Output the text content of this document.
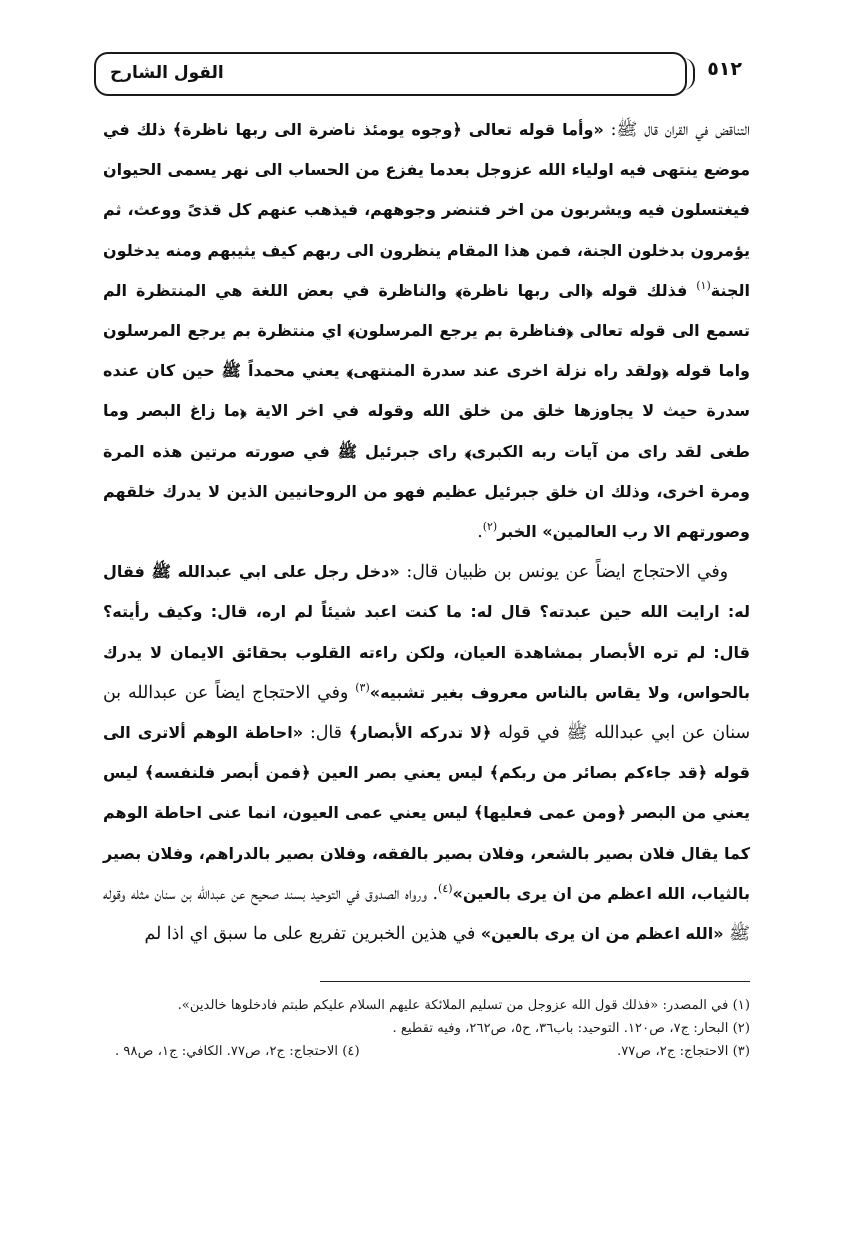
القول الشارح	٥١٢

التناقض في القران قال ﷺ: «وأما قوله تعالى ﴿وجوه يومئذ ناضرة الى ربها ناظرة﴾ ذلك في موضع ينتهى فيه اولياء الله عزوجل بعدما يفزع من الحساب الى نهر يسمى الحيوان فيغتسلون فيه ويشربون من اخر فتنضر وجوههم، فيذهب عنهم كل قذىً ووعث، ثم يؤمرون بدخلون الجنة، فمن هذا المقام ينظرون الى ربهم كيف يثيبهم ومنه يدخلون الجنة$^{(١)}$ فذلك قوله ﴿الى ربها ناظرة﴾ والناظرة في بعض اللغة هي المنتظرة الم تسمع الى قوله تعالى ﴿فناظرة بم يرجع المرسلون﴾ اي منتظرة بم يرجع المرسلون واما قوله ﴿ولقد راه نزلة اخرى عند سدرة المنتهى﴾ يعني محمداً ﷺ حين كان عنده سدرة حيث لا يجاوزها خلق من خلق الله وقوله في اخر الاية ﴿ما زاغ البصر وما طغى لقد راى من آيات ربه الكبرى﴾ راى جبرئيل ﷺ في صورته مرتين هذه المرة ومرة اخرى، وذلك ان خلق جبرئيل عظيم فهو من الروحانيين الذين لا يدرك خلقهم وصورتهم الا رب العالمين» الخبر$^{(٢)}$.

وفي الاحتجاج ايضاً عن يونس بن ظبيان قال: «دخل رجل على ابي عبدالله ﷺ فقال له: ارايت الله حين عبدته؟ قال له: ما كنت اعبد شيئاً لم اره، قال: وكيف رأيته؟ قال: لم تره الأبصار بمشاهدة العيان، ولكن راءته القلوب بحقائق الايمان لا يدرك بالحواس، ولا يقاس بالناس معروف بغير تشبيه»$^{(٣)}$ وفي الاحتجاج ايضاً عن عبدالله بن سنان عن ابي عبدالله ﷺ في قوله ﴿لا تدركه الأبصار﴾ قال: «احاطة الوهم ألاترى الى قوله ﴿قد جاءكم بصائر من ربكم﴾ ليس يعني بصر العين ﴿فمن أبصر فلنفسه﴾ ليس يعني من البصر ﴿ومن عمى فعليها﴾ ليس يعني عمى العيون، انما عنى احاطة الوهم كما يقال فلان بصير بالشعر، وفلان بصير بالفقه، وفلان بصير بالدراهم، وفلان بصير بالثياب، الله اعظم من ان يرى بالعين»$^{(٤)}$. ورواه الصدوق في التوحيد بسند صحيح عن عبدالله بن سنان مثله وقوله ﷺ «الله اعظم من ان يرى بالعين» في هذين الخبرين تفريع على ما سبق اي اذا لم

(١) في المصدر: «فذلك قول الله عزوجل من تسليم الملائكة عليهم السلام عليكم طبتم فادخلوها خالدين».

(٢) البحار: ج٧، ص١٢٠. التوحيد: باب٣٦، ح٥، ص٢٦٢، وفيه تقطيع .

(٣) الاحتجاج: ج٢، ص٧٧.
(٤) الاحتجاج: ج٢، ص٧٧. الكافي: ج١، ص٩٨ .
